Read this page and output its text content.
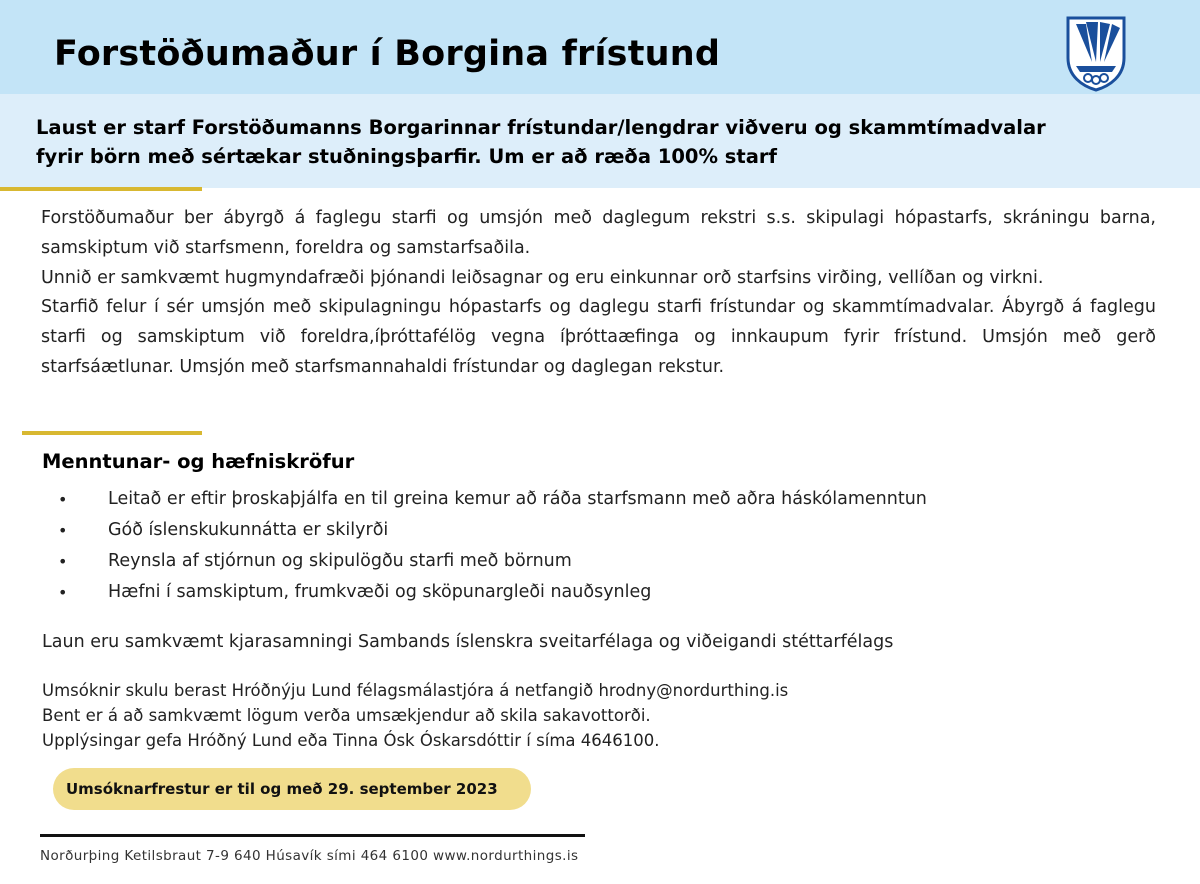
Forstöðumaður í Borgina frístund
Laust er starf Forstöðumanns Borgarinnar frístundar/lengdrar viðveru og skammtímadvalar
fyrir börn með sértækar stuðningsþarfir. Um er að ræða 100% starf

Forstöðumaður ber ábyrgð á faglegu starfi og umsjón með daglegum rekstri s.s. skipulagi hópastarfs, skráningu barna, samskiptum við starfsmenn, foreldra og samstarfsaðila.

Unnið er samkvæmt hugmyndafræði þjónandi leiðsagnar og eru einkunnar orð starfsins virðing, vellíðan og virkni.

Starfið felur í sér umsjón með skipulagningu hópastarfs og daglegu starfi frístundar og skammtímadvalar. Ábyrgð á faglegu starfi og samskiptum við foreldra,íþróttafélög vegna íþróttaæfinga og innkaupum fyrir frístund. Umsjón með gerð starfsáætlunar. Umsjón með starfsmannahaldi frístundar og daglegan rekstur.

Menntunar- og hæfniskröfur
• Leitað er eftir þroskaþjálfa en til greina kemur að ráða starfsmann með aðra háskólamenntun
• Góð íslenskukunnátta er skilyrði
• Reynsla af stjórnun og skipulögðu starfi með börnum
• Hæfni í samskiptum, frumkvæði og sköpunargleði nauðsynleg

Laun eru samkvæmt kjarasamningi Sambands íslenskra sveitarfélaga og viðeigandi stéttarfélags

Umsóknir skulu berast Hróðnýju Lund félagsmálastjóra á netfangið hrodny@nordurthing.is
Bent er á að samkvæmt lögum verða umsækjendur að skila sakavottorði.
Upplýsingar gefa Hróðný Lund eða Tinna Ósk Óskarsdóttir í síma 4646100.
Umsóknarfrestur er til og með 29. september 2023
Norðurþing Ketilsbraut 7-9 640 Húsavík sími 464 6100 www.nordurthings.is
